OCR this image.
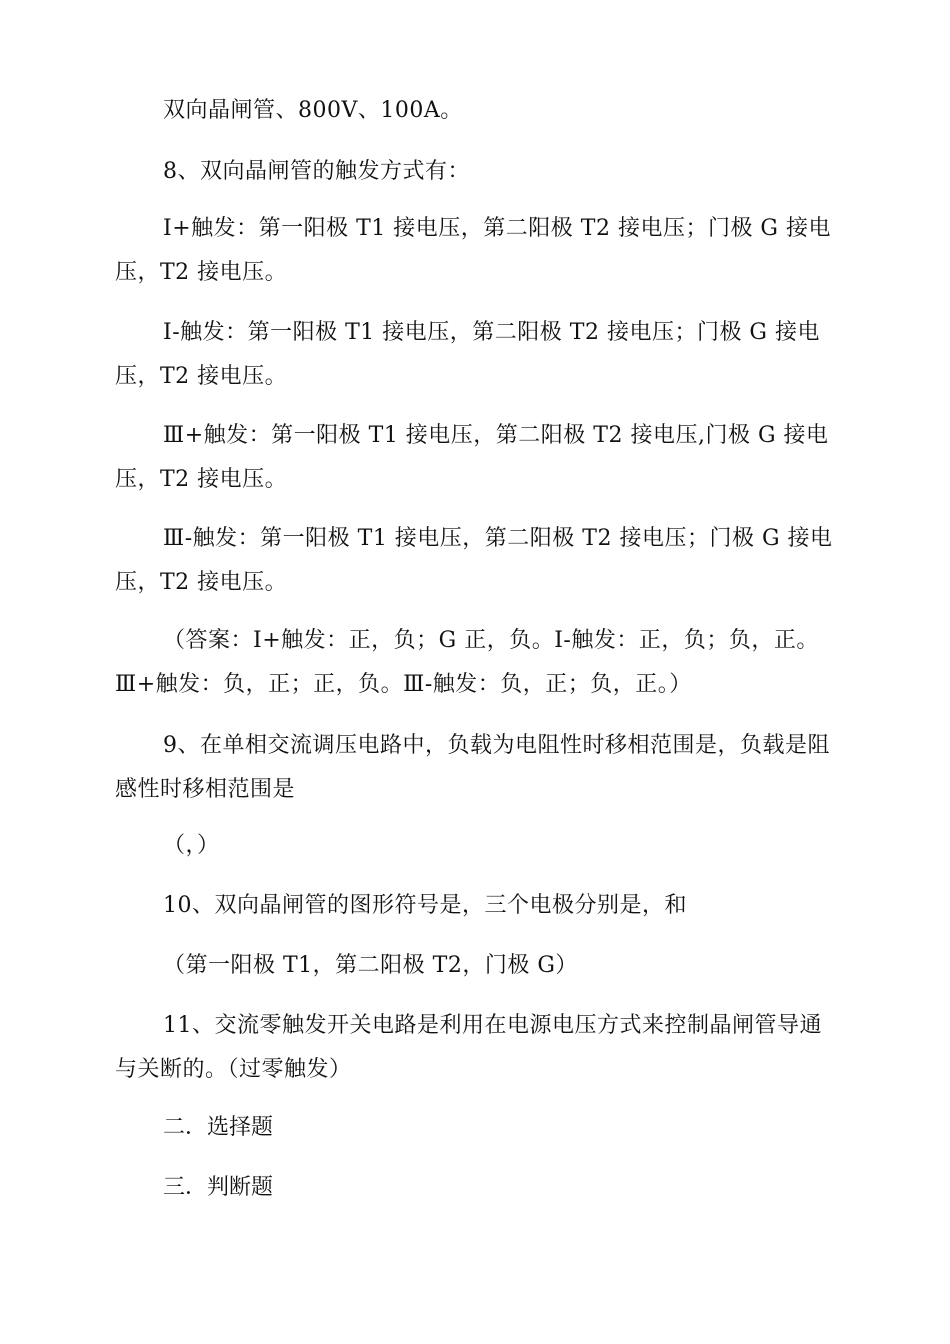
双向晶闸管、800V、100A。
8、双向晶闸管的触发方式有：
I+触发：第一阳极 T1 接电压，第二阳极 T2 接电压；门极 G 接电压，T2 接电压。
I-触发：第一阳极 T1 接电压，第二阳极 T2 接电压；门极 G 接电压，T2 接电压。
Ⅲ+触发：第一阳极 T1 接电压，第二阳极 T2 接电压,门极 G 接电压，T2 接电压。
Ⅲ-触发：第一阳极 T1 接电压，第二阳极 T2 接电压；门极 G 接电压，T2 接电压。
（答案：I+触发：正，负；G 正，负。I-触发：正，负；负，正。Ⅲ+触发：负，正；正，负。Ⅲ-触发：负，正；负，正。）
9、在单相交流调压电路中，负载为电阻性时移相范围是，负载是阻感性时移相范围是
（，）
10、双向晶闸管的图形符号是，三个电极分别是，和
（第一阳极 T1，第二阳极 T2，门极 G）
11、交流零触发开关电路是利用在电源电压方式来控制晶闸管导通与关断的。（过零触发）
二．选择题
三．判断题
